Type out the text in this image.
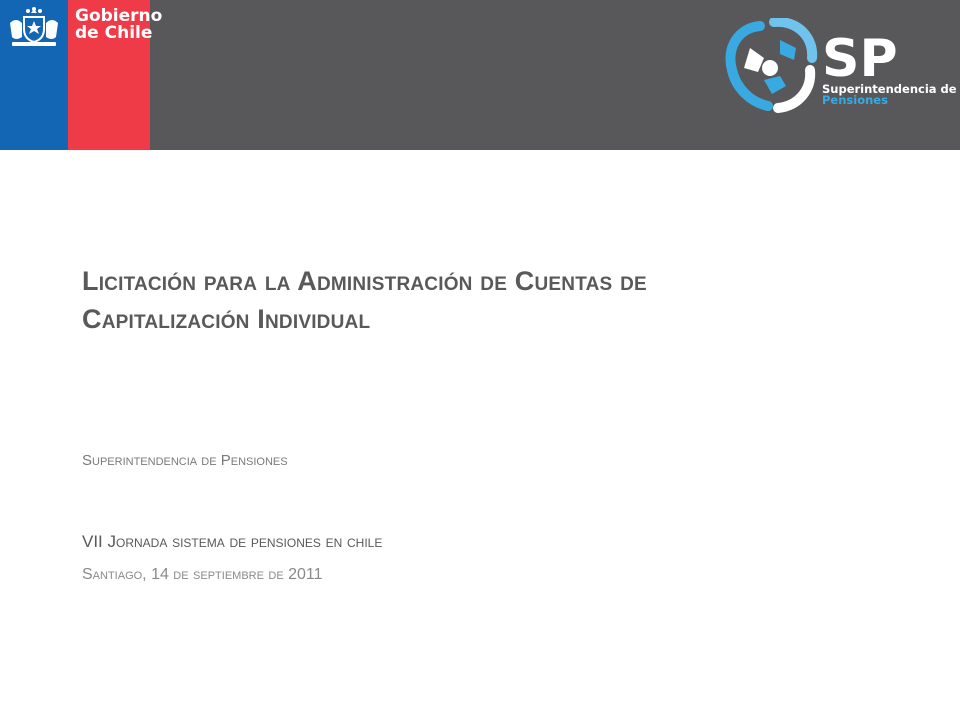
Gobierno
de Chile	SP
Superintendencia de
Pensiones
Licitación para la Administración de Cuentas de
Capitalización Individual
Superintendencia de Pensiones
VII Jornada sistema de pensiones en chile
Santiago, 14 de septiembre de 2011
